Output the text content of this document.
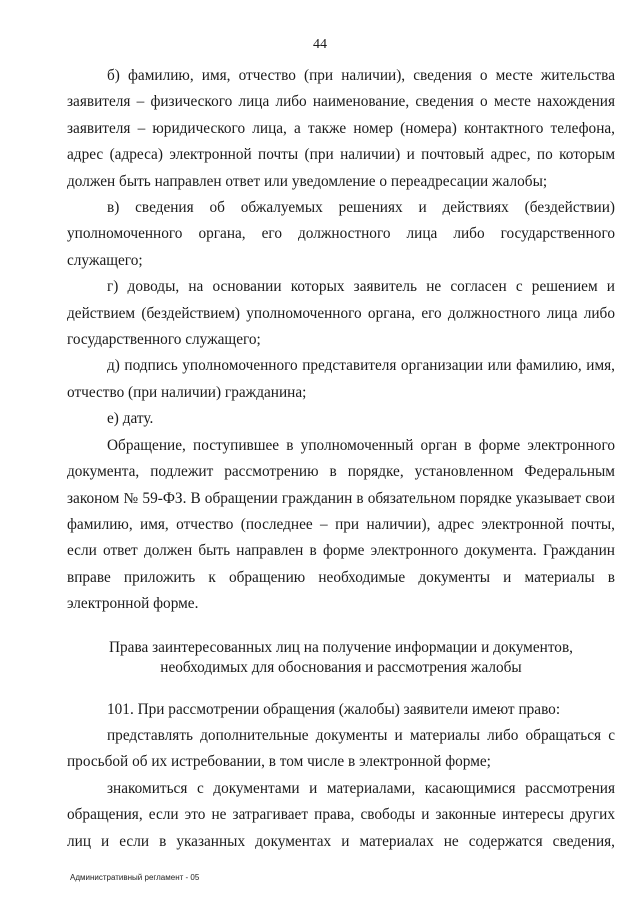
44

б) фамилию, имя, отчество (при наличии), сведения о месте жительства заявителя – физического лица либо наименование, сведения о месте нахождения заявителя – юридического лица, а также номер (номера) контактного телефона, адрес (адреса) электронной почты (при наличии) и почтовый адрес, по которым должен быть направлен ответ или уведомление о переадресации жалобы;

в) сведения об обжалуемых решениях и действиях (бездействии) уполномоченного органа, его должностного лица либо государственного служащего;

г) доводы, на основании которых заявитель не согласен с решением и действием (бездействием) уполномоченного органа, его должностного лица либо государственного служащего;

д) подпись уполномоченного представителя организации или фамилию, имя, отчество (при наличии) гражданина;

е) дату.

Обращение, поступившее в уполномоченный орган в форме электронного документа, подлежит рассмотрению в порядке, установленном Федеральным законом № 59-ФЗ. В обращении гражданин в обязательном порядке указывает свои фамилию, имя, отчество (последнее – при наличии), адрес электронной почты, если ответ должен быть направлен в форме электронного документа. Гражданин вправе приложить к обращению необходимые документы и материалы в электронной форме.

Права заинтересованных лиц на получение информации и документов,
необходимых для обоснования и рассмотрения жалобы

101. При рассмотрении обращения (жалобы) заявители имеют право:

представлять дополнительные документы и материалы либо обращаться с просьбой об их истребовании, в том числе в электронной форме;

знакомиться с документами и материалами, касающимися рассмотрения обращения, если это не затрагивает права, свободы и законные интересы других лиц и если в указанных документах и материалах не содержатся сведения,

Административный регламент - 05
